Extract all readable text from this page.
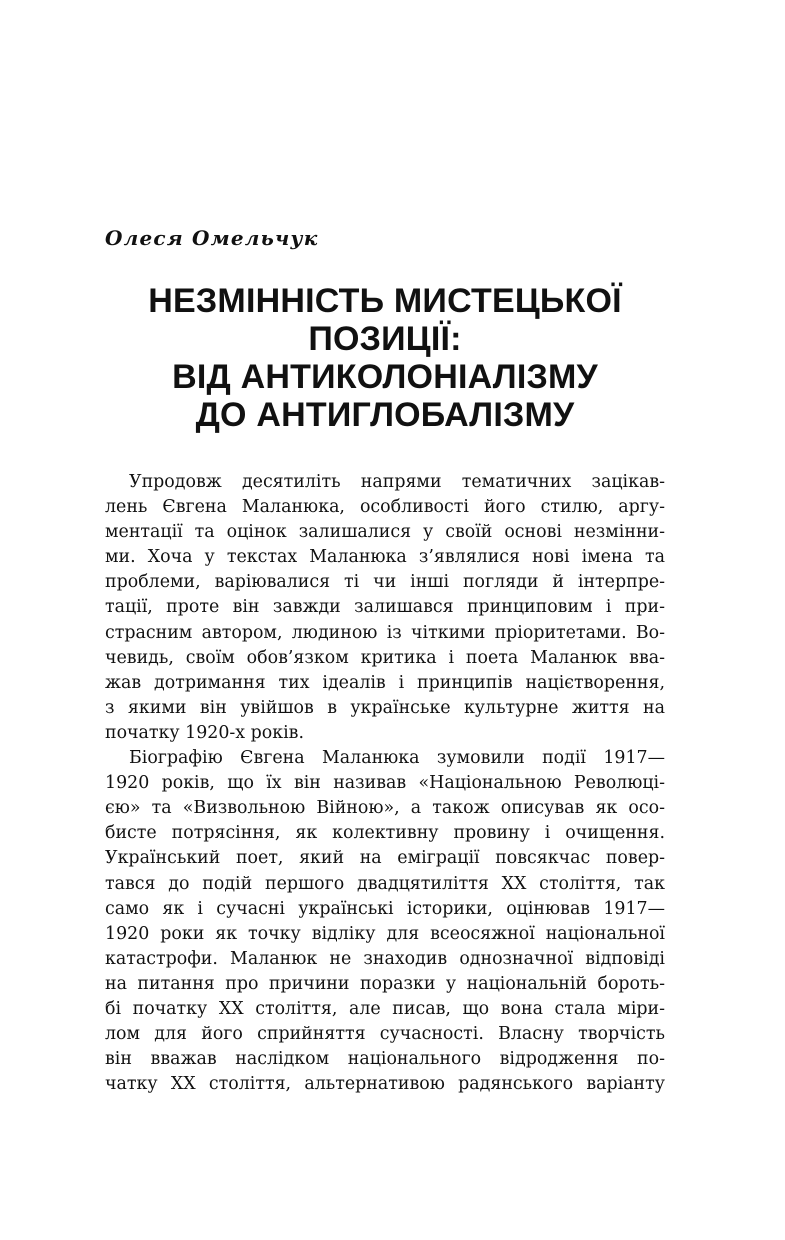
Олеся Омельчук

НЕЗМІННІСТЬ МИСТЕЦЬКОЇ
ПОЗИЦІЇ:
ВІД АНТИКОЛОНІАЛІЗМУ
ДО АНТИГЛОБАЛІЗМУ
Упродовж десятиліть напрями тематичних зацікав-
лень Євгена Маланюка, особливості його стилю, аргу-
ментації та оцінок залишалися у своїй основі незмінни-
ми. Хоча у текстах Маланюка з’являлися нові імена та
проблеми, варіювалися ті чи інші погляди й інтерпре-
тації, проте він завжди залишався принциповим і при-
страсним автором, людиною із чіткими пріоритетами. Во-
чевидь, своїм обов’язком критика і поета Маланюк вва-
жав дотримання тих ідеалів і принципів націєтворення,
з якими він увійшов в українське культурне життя на
початку 1920-х років.
Біографію Євгена Маланюка зумовили події 1917—
1920 років, що їх він називав «Національною Революці-
єю» та «Визвольною Війною», а також описував як осо-
бисте потрясіння, як колективну провину і очищення.
Український поет, який на еміграції повсякчас повер-
тався до подій першого двадцятиліття XX століття, так
само як і сучасні українські історики, оцінював 1917—
1920 роки як точку відліку для всеосяжної національної
катастрофи. Маланюк не знаходив однозначної відповіді
на питання про причини поразки у національній бороть-
бі початку XX століття, але писав, що вона стала міри-
лом для його сприйняття сучасності. Власну творчість
він вважав наслідком національного відродження по-
чатку XX століття, альтернативою радянського варіанту
